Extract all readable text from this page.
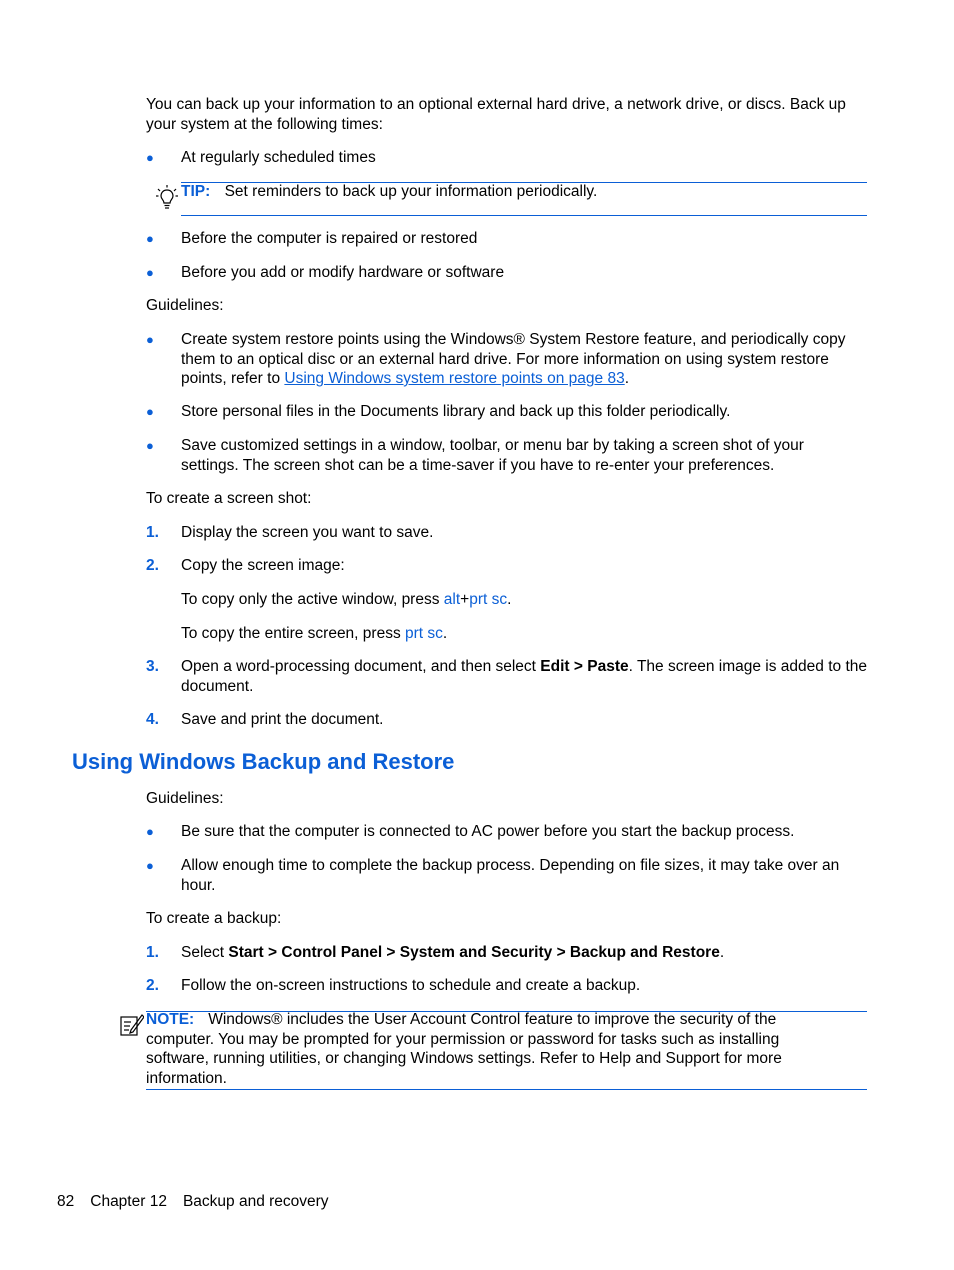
You can back up your information to an optional external hard drive, a network drive, or discs. Back up your system at the following times:
● At regularly scheduled times
TIP: Set reminders to back up your information periodically.
● Before the computer is repaired or restored
● Before you add or modify hardware or software
Guidelines:
● Create system restore points using the Windows® System Restore feature, and periodically copy them to an optical disc or an external hard drive. For more information on using system restore points, refer to Using Windows system restore points on page 83.
● Store personal files in the Documents library and back up this folder periodically.
● Save customized settings in a window, toolbar, or menu bar by taking a screen shot of your settings. The screen shot can be a time-saver if you have to re-enter your preferences.
To create a screen shot:
1. Display the screen you want to save.
2. Copy the screen image:
To copy only the active window, press alt+prt sc.
To copy the entire screen, press prt sc.
3. Open a word-processing document, and then select Edit > Paste. The screen image is added to the document.
4. Save and print the document.
Using Windows Backup and Restore
Guidelines:
● Be sure that the computer is connected to AC power before you start the backup process.
● Allow enough time to complete the backup process. Depending on file sizes, it may take over an hour.
To create a backup:
1. Select Start > Control Panel > System and Security > Backup and Restore.
2. Follow the on-screen instructions to schedule and create a backup.
NOTE: Windows® includes the User Account Control feature to improve the security of the computer. You may be prompted for your permission or password for tasks such as installing software, running utilities, or changing Windows settings. Refer to Help and Support for more information.
82 Chapter 12 Backup and recovery
